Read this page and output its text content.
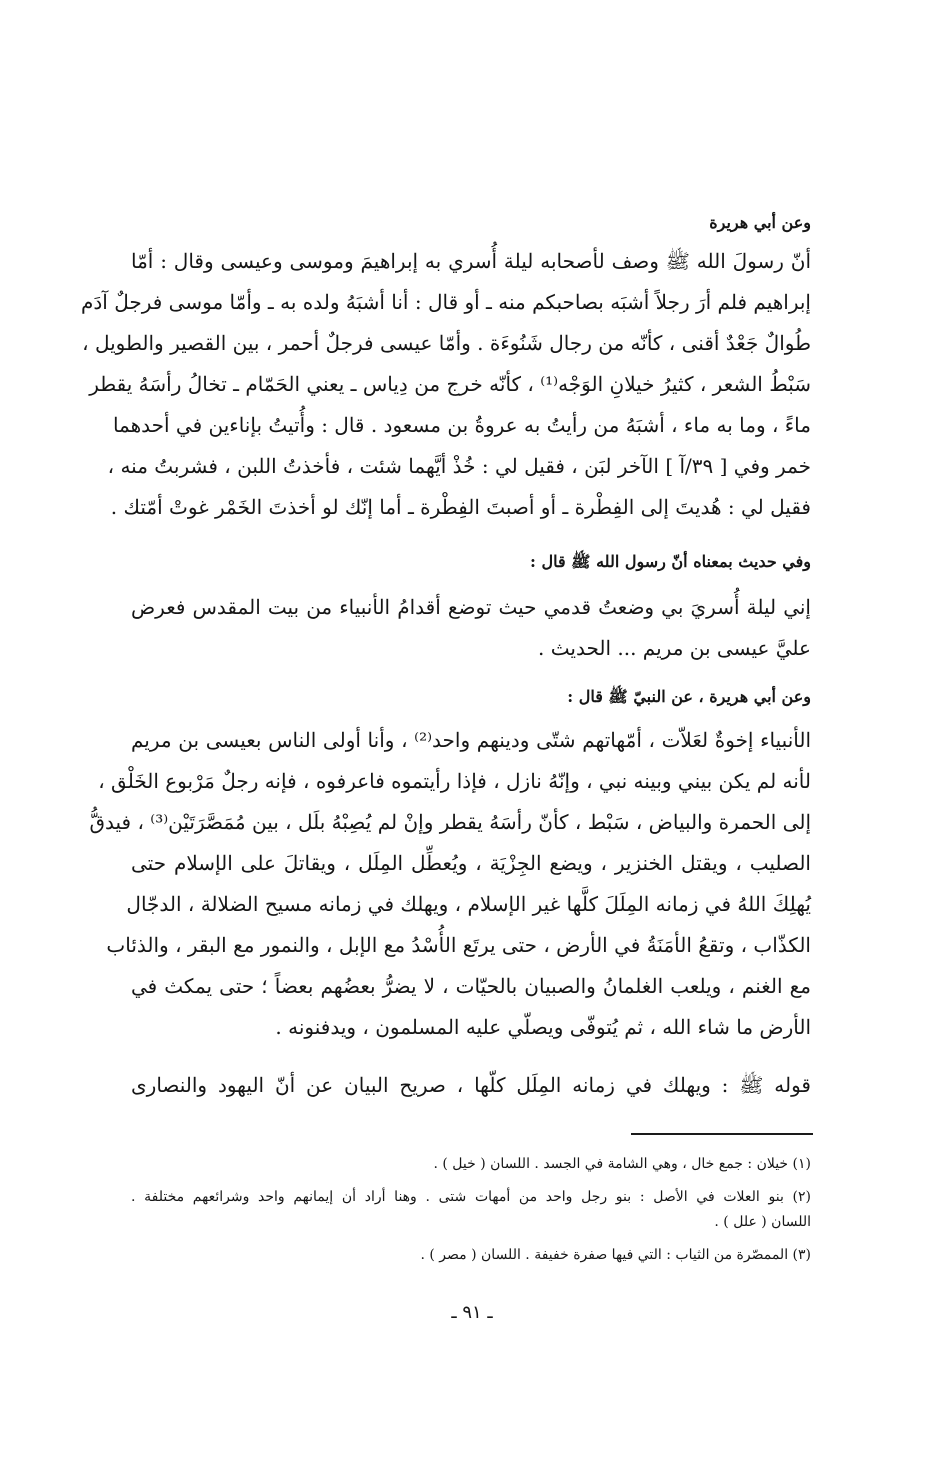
وعن أبي هريرة
أنّ رسولَ الله ﷺ وصف لأصحابه ليلة أُسري به إبراهيمَ وموسى وعيسى وقال : أمّا
إبراهيم فلم أرَ رجلاً أشبَه بصاحبكم منه ـ أو قال : أنا أشبَهُ ولده به ـ وأمّا موسى فرجلٌ آدَم
طُوالٌ جَعْدٌ أقنى ، كأنّه من رجال شَنُوءَة . وأمّا عيسى فرجلٌ أحمر ، بين القصير والطويل ،
سَبْطُ الشعر ، كثيرُ خيلانِ الوَجْه⁽¹⁾ ، كأنّه خرج من دِياس ـ يعني الحَمّام ـ تخالُ رأسَهُ يقطر
ماءً ، وما به ماء ، أشبَهُ من رأيتُ به عروةُ بن مسعود . قال : وأُتيتُ بإناءين في أحدهما
خمر وفي [ ٣٩/آ ] الآخر لبَن ، فقيل لي : خُذْ أيَّهما شئت ، فأخذتُ اللبن ، فشربتُ منه ،
فقيل لي : هُديتَ إلى الفِطْرة ـ أو أصبتَ الفِطْرة ـ أما إنّك لو أخذتَ الخَمْر غوتْ أمّتك .
وفي حديث بمعناه أنّ رسول الله ﷺ قال :
إني ليلة أُسريَ بي وضعتُ قدمي حيث توضع أقدامُ الأنبياء من بيت المقدس فعرض
عليَّ عيسى بن مريم ... الحديث .
وعن أبي هريرة ، عن النبيّ ﷺ قال :
الأنبياء إخوةٌ لعَلاّت ، أمّهاتهم شتّى ودينهم واحد⁽²⁾ ، وأنا أولى الناس بعيسى بن مريم
لأنه لم يكن بيني وبينه نبي ، وإنّهُ نازل ، فإذا رأيتموه فاعرفوه ، فإنه رجلٌ مَرْبوع الخَلْق ،
إلى الحمرة والبياض ، سَبْط ، كأنّ رأسَهُ يقطر وإنْ لم يُصِبْهُ بلَل ، بين مُمَصَّرَتَيْن⁽³⁾ ، فيدقُّ
الصليب ، ويقتل الخنزير ، ويضع الجِزْيَة ، ويُعطِّل المِلَل ، ويقاتلَ على الإسلام حتى
يُهلِكَ اللهُ في زمانه المِلَلَ كلَّها غير الإسلام ، ويهلك في زمانه مسيح الضلالة ، الدجّال
الكذّاب ، وتقعُ الأمَنَةُ في الأرض ، حتى يرتَع الأُسْدُ مع الإبل ، والنمور مع البقر ، والذئاب
مع الغنم ، ويلعب الغلمانُ والصبيان بالحيّات ، لا يضرُّ بعضُهم بعضاً ؛ حتى يمكث في
الأرض ما شاء الله ، ثم يُتوفّى ويصلّي عليه المسلمون ، ويدفنونه .
قوله ﷺ : ويهلك في زمانه المِلَل كلّها ، صريح البيان عن أنّ اليهود والنصارى
(١) خيلان : جمع خال ، وهي الشامة في الجسد . اللسان ( خيل ) .
(٢) بنو العلات في الأصل : بنو رجل واحد من أمهات شتى . وهنا أراد أن إيمانهم واحد وشرائعهم مختلفة .
اللسان ( علل ) .
(٣) الممصّرة من الثياب : التي فيها صفرة خفيفة . اللسان ( مصر ) .
ـ ٩١ ـ
